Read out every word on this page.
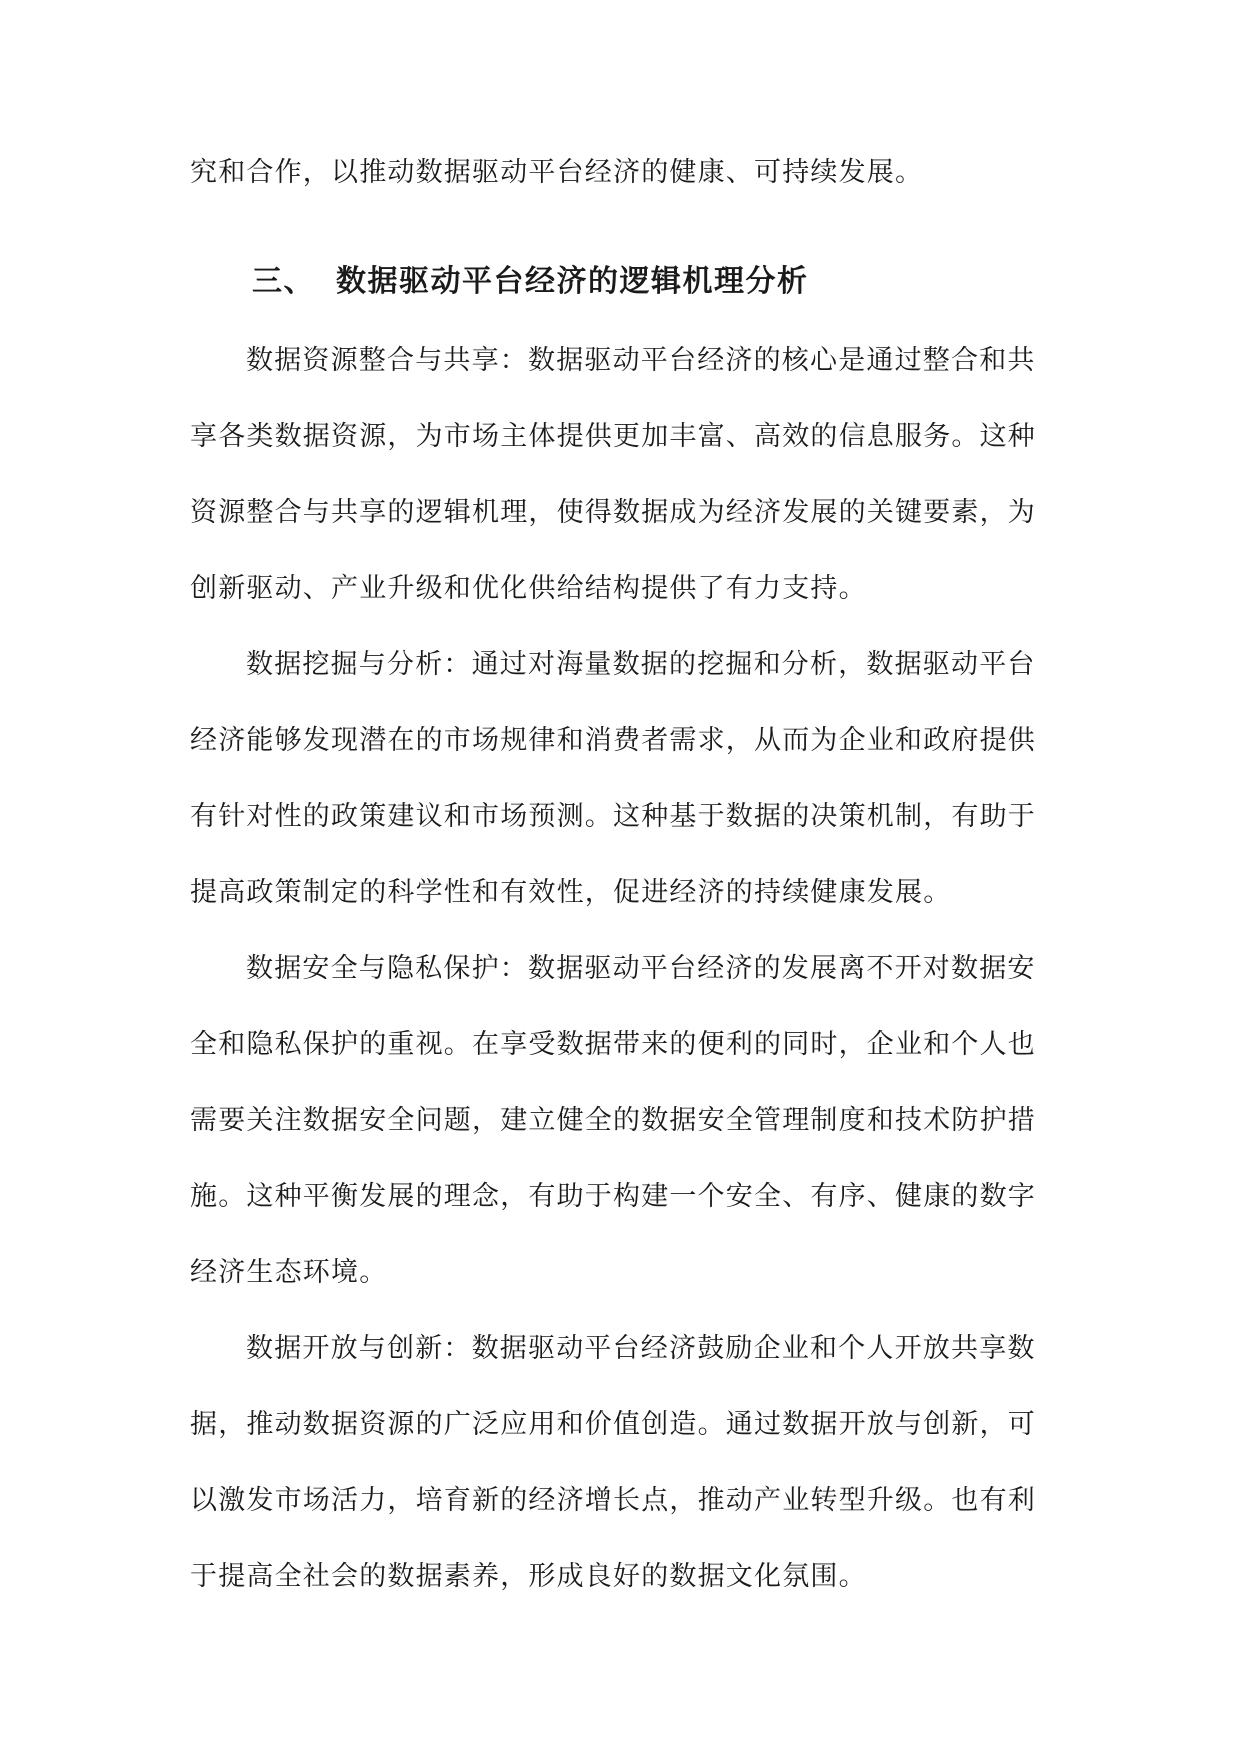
究和合作，以推动数据驱动平台经济的健康、可持续发展。
三、 数据驱动平台经济的逻辑机理分析
数据资源整合与共享：数据驱动平台经济的核心是通过整合和共
享各类数据资源，为市场主体提供更加丰富、高效的信息服务。这种
资源整合与共享的逻辑机理，使得数据成为经济发展的关键要素，为
创新驱动、产业升级和优化供给结构提供了有力支持。
数据挖掘与分析：通过对海量数据的挖掘和分析，数据驱动平台
经济能够发现潜在的市场规律和消费者需求，从而为企业和政府提供
有针对性的政策建议和市场预测。这种基于数据的决策机制，有助于
提高政策制定的科学性和有效性，促进经济的持续健康发展。
数据安全与隐私保护：数据驱动平台经济的发展离不开对数据安
全和隐私保护的重视。在享受数据带来的便利的同时，企业和个人也
需要关注数据安全问题，建立健全的数据安全管理制度和技术防护措
施。这种平衡发展的理念，有助于构建一个安全、有序、健康的数字
经济生态环境。
数据开放与创新：数据驱动平台经济鼓励企业和个人开放共享数
据，推动数据资源的广泛应用和价值创造。通过数据开放与创新，可
以激发市场活力，培育新的经济增长点，推动产业转型升级。也有利
于提高全社会的数据素养，形成良好的数据文化氛围。
